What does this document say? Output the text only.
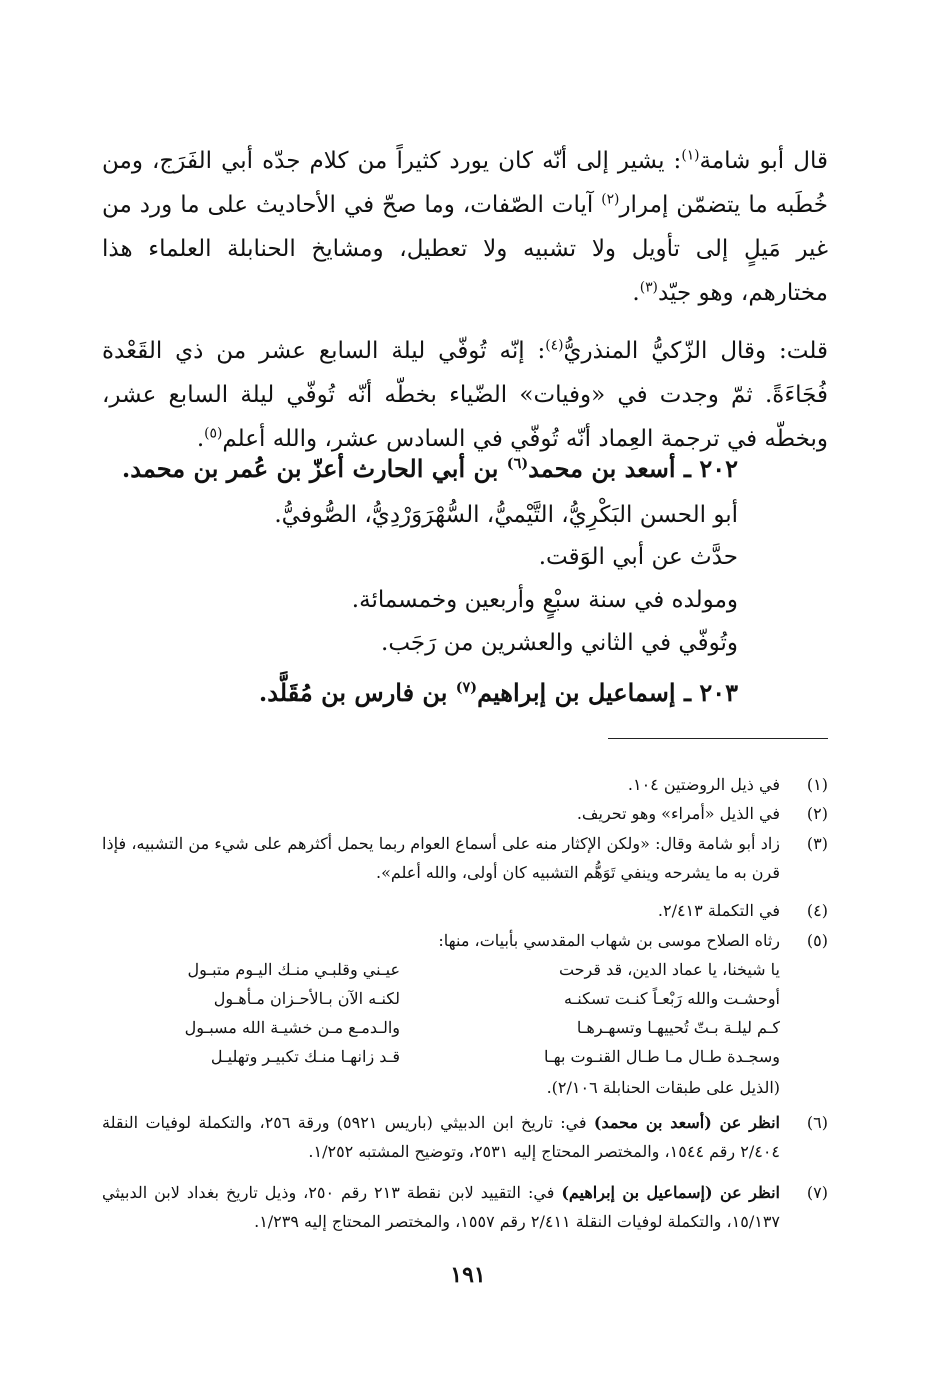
قال أبو شامة$^{(١)}$: يشير إلى أنّه كان يورد كثيراً من كلام جدّه أبي الفَرَج، ومن خُطَبه ما يتضمّن إمرار$^{(٢)}$ آيات الصّفات، وما صحّ في الأحاديث على ما ورد من غير مَيلٍ إلى تأويل ولا تشبيه ولا تعطيل، ومشايخ الحنابلة العلماء هذا مختارهم، وهو جيّد$^{(٣)}$.

قلت: وقال الزّكيُّ المنذريُّ$^{(٤)}$: إنّه تُوفّي ليلة السابع عشر من ذي القَعْدة فُجَاءَةً. ثمّ وجدت في «وفيات» الضّياء بخطّه أنّه تُوفّي ليلة السابع عشر، وبخطّه في ترجمة العِماد أنّه تُوفّي في السادس عشر، والله أعلم$^{(٥)}$.

٢٠٢ ـ أسعد بن محمد$^{(٦)}$ بن أبي الحارث أعزّ بن عُمر بن محمد.
أبو الحسن البَكْرِيُّ، التَّيْميُّ، السُّهْرَوَرْدِيُّ، الصُّوفيُّ.
حدَّث عن أبي الوَقت.
ومولده في سنة سبْعٍ وأربعين وخمسمائة.
وتُوفّي في الثاني والعشرين من رَجَب.
٢٠٣ ـ إسماعيل بن إبراهيم$^{(٧)}$ بن فارس بن مُقَلَّد.
(١)
في ذيل الروضتين ١٠٤.
(٢)
في الذيل «أمراء» وهو تحريف.
(٣)
زاد أبو شامة وقال: «ولكن الإكثار منه على أسماع العوام ربما يحمل أكثرهم على شيء من التشبيه، فإذا قرن به ما يشرحه وينفي تَوَهُّم التشبيه كان أولى، والله أعلم».
(٤)
في التكملة ٢/٤١٣.
(٥)
رثاه الصلاح موسى بن شهاب المقدسي بأبيات، منها:
يا شيخنا، يا عماد الدين، قد قرحت
عيـني وقلبـي منـك اليـوم متبـول
أوحشـت والله رَبْعـاً كنـت تسكنـه
لكنـه الآن بـالأحـزان مـأهـول
كـم ليلـة بـتّ تُحييهـا وتسهـرهـا
والـدمـع مـن خشيـة الله مسبـول
وسجـدة طـال مـا طـال القنـوت بهـا
قـد زانهـا منـك تكبيـر وتهليـل
(الذيل على طبقات الحنابلة ٢/١٠٦).
(٦)
انظر عن (أسعد بن محمد) في: تاريخ ابن الدبيثي (باريس ٥٩٢١) ورقة ٢٥٦، والتكملة لوفيات النقلة ٢/٤٠٤ رقم ١٥٤٤، والمختصر المحتاج إليه ٢٥٣١، وتوضيح المشتبه ١/٢٥٢.
(٧)
انظر عن (إسماعيل بن إبراهيم) في: التقييد لابن نقطة ٢١٣ رقم ٢٥٠، وذيل تاريخ بغداد لابن الدبيثي ١٥/١٣٧، والتكملة لوفيات النقلة ٢/٤١١ رقم ١٥٥٧، والمختصر المحتاج إليه ١/٢٣٩.
١٩١
